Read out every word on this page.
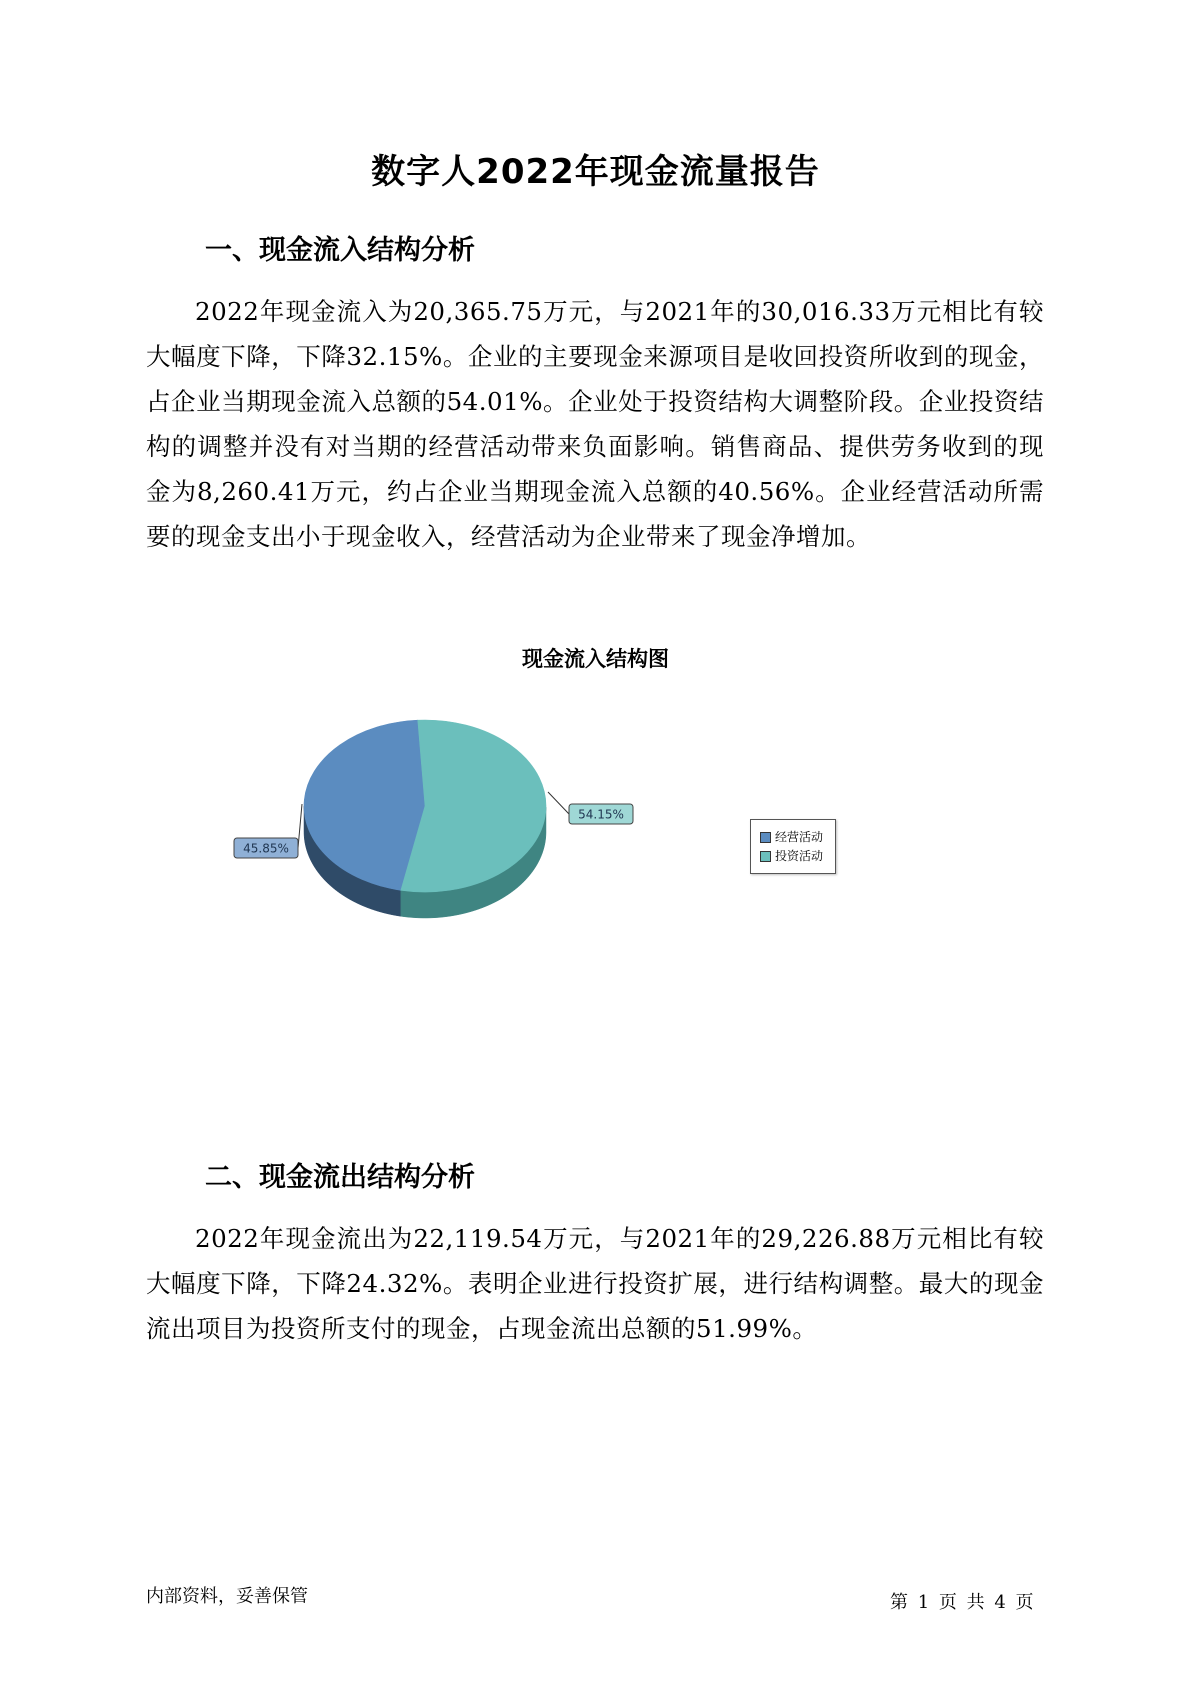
数字人2022年现金流量报告
一、现金流入结构分析
2022年现金流入为20,365.75万元，与2021年的30,016.33万元相比有较大幅度下降，下降32.15%。企业的主要现金来源项目是收回投资所收到的现金，占企业当期现金流入总额的54.01%。企业处于投资结构大调整阶段。企业投资结构的调整并没有对当期的经营活动带来负面影响。销售商品、提供劳务收到的现金为8,260.41万元，约占企业当期现金流入总额的40.56%。企业经营活动所需要的现金支出小于现金收入，经营活动为企业带来了现金净增加。
现金流入结构图
45.85%
54.15%
经营活动
投资活动
二、现金流出结构分析
2022年现金流出为22,119.54万元，与2021年的29,226.88万元相比有较大幅度下降，下降24.32%。表明企业进行投资扩展，进行结构调整。最大的现金流出项目为投资所支付的现金，占现金流出总额的51.99%。
内部资料，妥善保管	第 1 页 共 4 页
